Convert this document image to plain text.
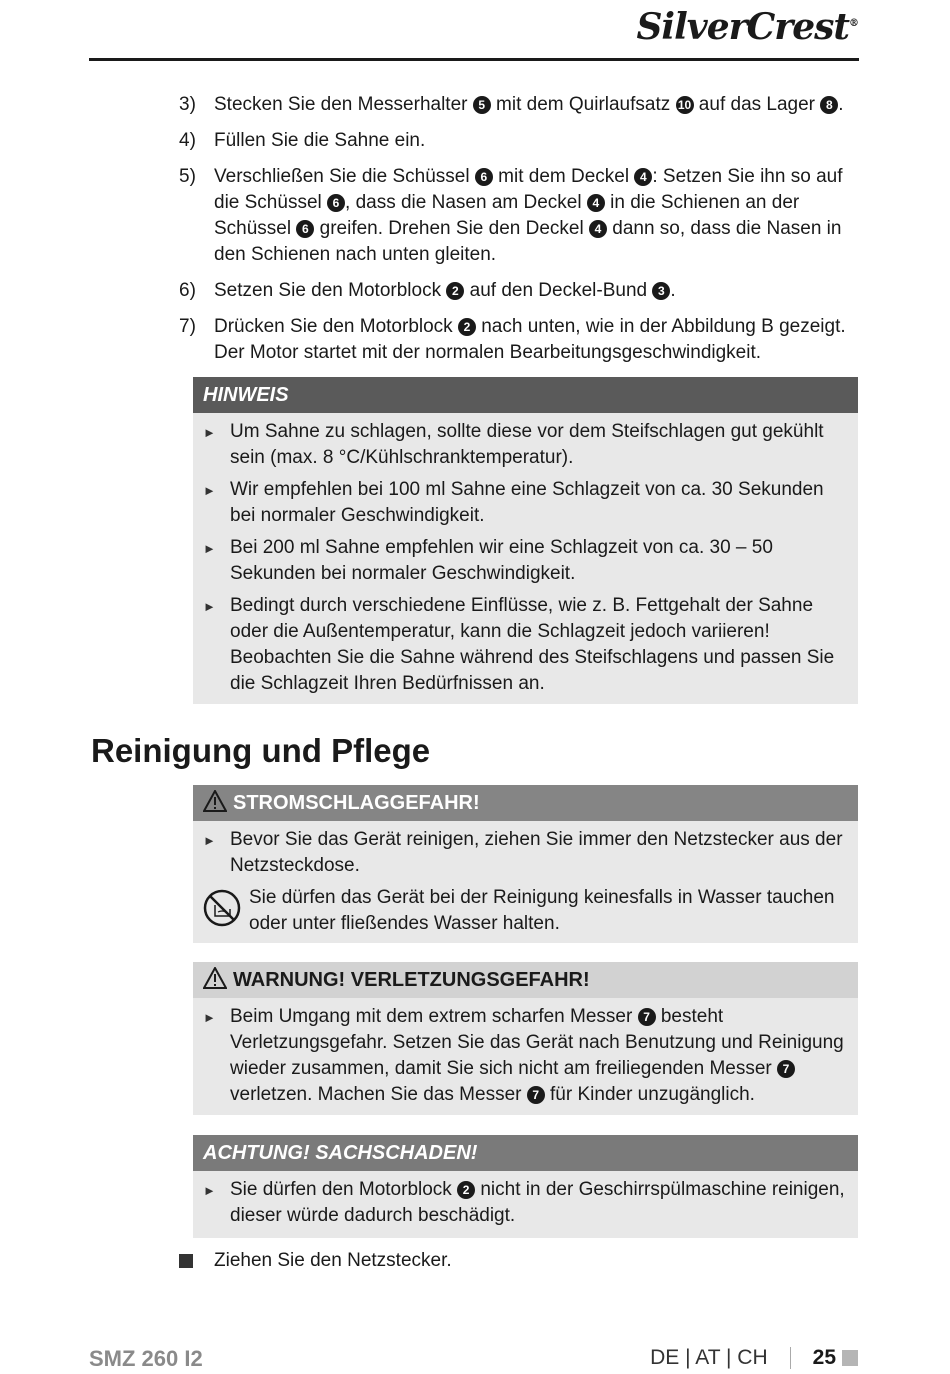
SilverCrest®
3) Stecken Sie den Messerhalter 5 mit dem Quirlaufsatz 10 auf das Lager 8 .
4) Füllen Sie die Sahne ein.
5) Verschließen Sie die Schüssel 6 mit dem Deckel 4 : Setzen Sie ihn so auf die Schüssel 6 , dass die Nasen am Deckel 4 in die Schienen an der Schüssel 6 greifen. Drehen Sie den Deckel 4 dann so, dass die Nasen in den Schienen nach unten gleiten.
6) Setzen Sie den Motorblock 2 auf den Deckel-Bund 3 .
7) Drücken Sie den Motorblock 2 nach unten, wie in der Abbildung B gezeigt. Der Motor startet mit der normalen Bearbeitungsgeschwindigkeit.
HINWEIS
► Um Sahne zu schlagen, sollte diese vor dem Steifschlagen gut gekühlt sein (max. 8 °C/Kühlschranktemperatur).
► Wir empfehlen bei 100 ml Sahne eine Schlagzeit von ca. 30 Sekunden bei normaler Geschwindigkeit.
► Bei 200 ml Sahne empfehlen wir eine Schlagzeit von ca. 30 – 50 Sekunden bei normaler Geschwindigkeit.
► Bedingt durch verschiedene Einflüsse, wie z. B. Fettgehalt der Sahne oder die Außentemperatur, kann die Schlagzeit jedoch variieren! Beobachten Sie die Sahne während des Steifschlagens und passen Sie die Schlagzeit Ihren Bedürfnissen an.
Reinigung und Pflege
STROMSCHLAGGEFAHR!
► Bevor Sie das Gerät reinigen, ziehen Sie immer den Netzstecker aus der Netzsteckdose.
Sie dürfen das Gerät bei der Reinigung keinesfalls in Wasser tauchen oder unter fließendes Wasser halten.
WARNUNG! VERLETZUNGSGEFAHR!
► Beim Umgang mit dem extrem scharfen Messer 7 besteht Verletzungsgefahr. Setzen Sie das Gerät nach Benutzung und Reinigung wieder zusammen, damit Sie sich nicht am freiliegenden Messer 7 verletzen. Machen Sie das Messer 7 für Kinder unzugänglich.
ACHTUNG! SACHSCHADEN!
► Sie dürfen den Motorblock 2 nicht in der Geschirrspülmaschine reinigen, dieser würde dadurch beschädigt.
Ziehen Sie den Netzstecker.
SMZ 260 I2	DE | AT | CH 25
